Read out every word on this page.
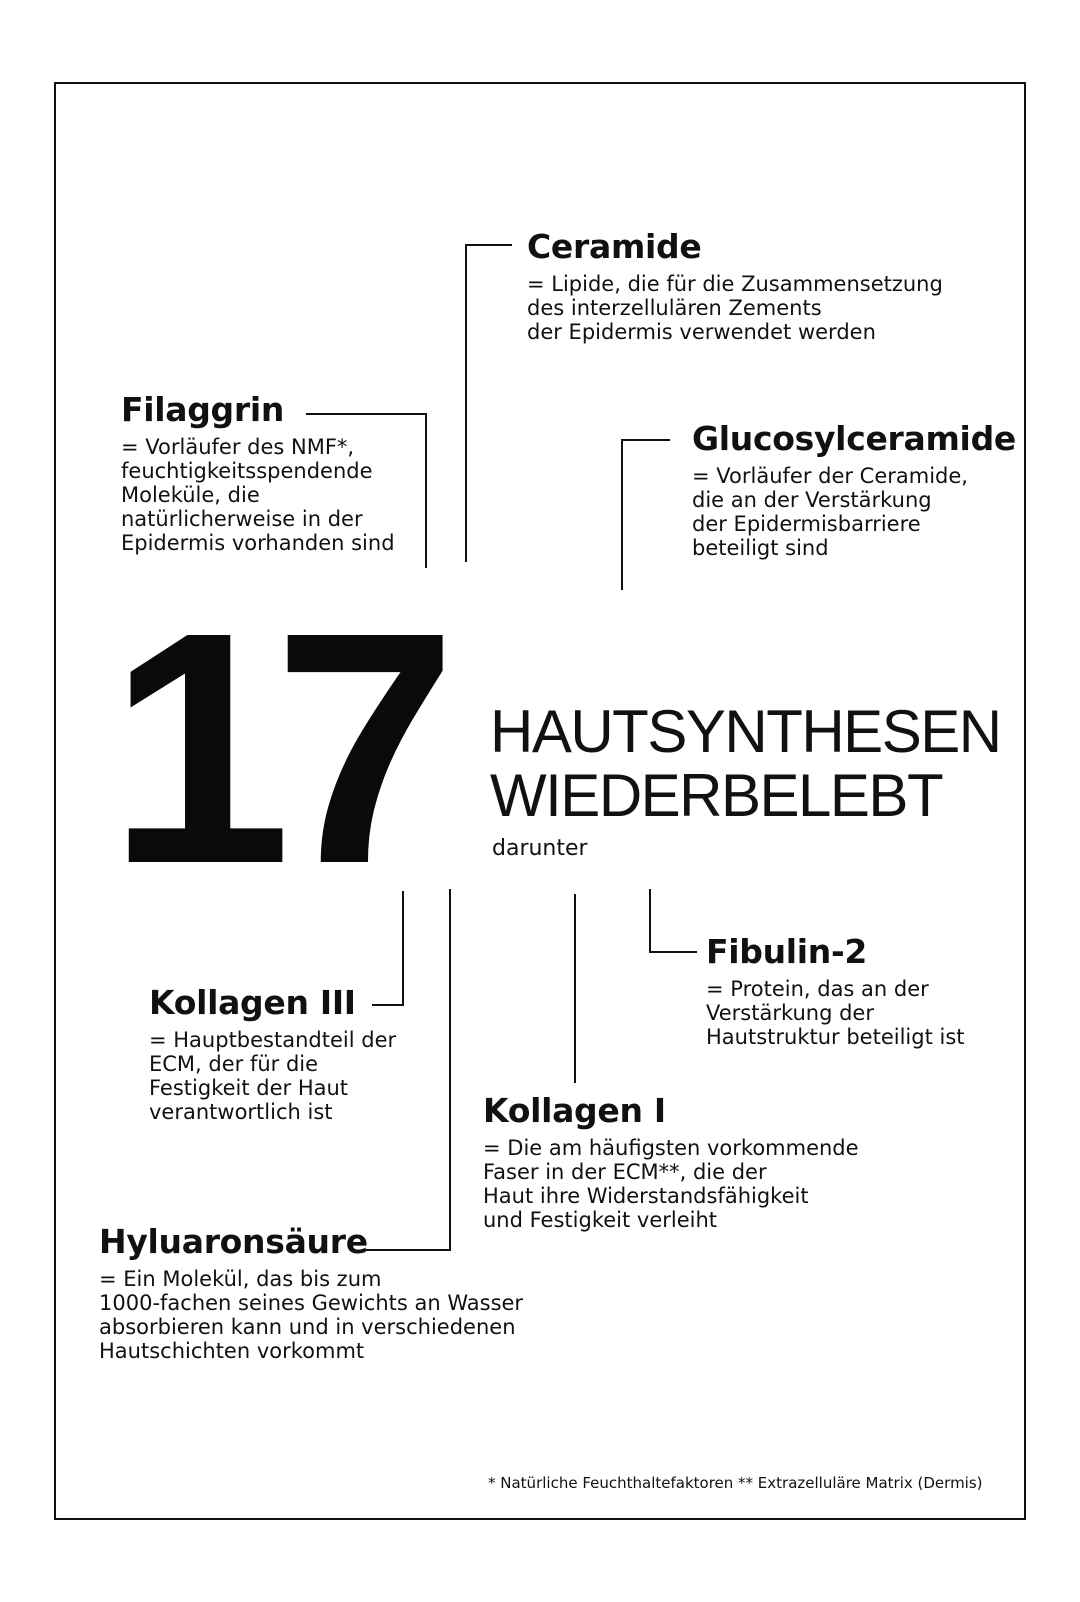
Ceramide

= Lipide, die für die Zusammensetzung
des interzellulären Zements
der Epidermis verwendet werden

Filaggrin

= Vorläufer des NMF*,
feuchtigkeitsspendende
Moleküle, die
natürlicherweise in der
Epidermis vorhanden sind

Glucosylceramide

= Vorläufer der Ceramide,
die an der Verstärkung
der Epidermisbarriere
beteiligt sind

17 HAUTSYNTHESEN
WIEDERBELEBT
darunter
Fibulin-2

= Protein, das an der
Verstärkung der
Hautstruktur beteiligt ist

Kollagen III

= Hauptbestandteil der
ECM, der für die
Festigkeit der Haut
verantwortlich ist	Kollagen I

= Die am häufigsten vorkommende
Faser in der ECM**, die der
Haut ihre Widerstandsfähigkeit
und Festigkeit verleiht

Hyluaronsäure

= Ein Molekül, das bis zum
1000-fachen seines Gewichts an Wasser
absorbieren kann und in verschiedenen
Hautschichten vorkommt

* Natürliche Feuchthaltefaktoren ** Extrazelluläre Matrix (Dermis)
